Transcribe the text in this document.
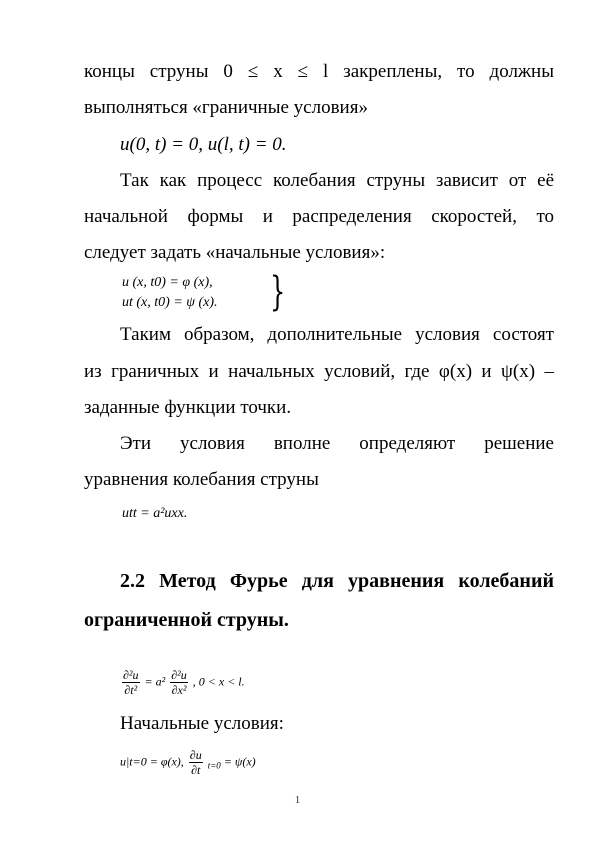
концы струны 0 ≤ x ≤ l закреплены, то должны
выполняться «граничные условия»
u(0, t) = 0, u(l, t) = 0.
Так как процесс колебания струны зависит от её
начальной формы и распределения скоростей, то
следует задать «начальные условия»:
u (x, t0) = φ (x),
ut (x, t0) = ψ (x). }
Таким образом, дополнительные условия состоят
из граничных и начальных условий, где φ(x) и ψ(x) –
заданные функции точки.
Эти условия вполне определяют решение
уравнения колебания струны
utt = a²uxx.
2.2 Метод Фурье для уравнения колебаний
ограниченной струны.
$\frac{\text{∂²u}}{\text{∂t²}} = a^2 \frac{\text{∂²u}}{\text{∂x²}}$ , 0 < x < l.
Начальные условия:
u|t=0 = φ(x), $\frac{\partial u}{\partial t} _{t=0} = \psi(x)$
1
